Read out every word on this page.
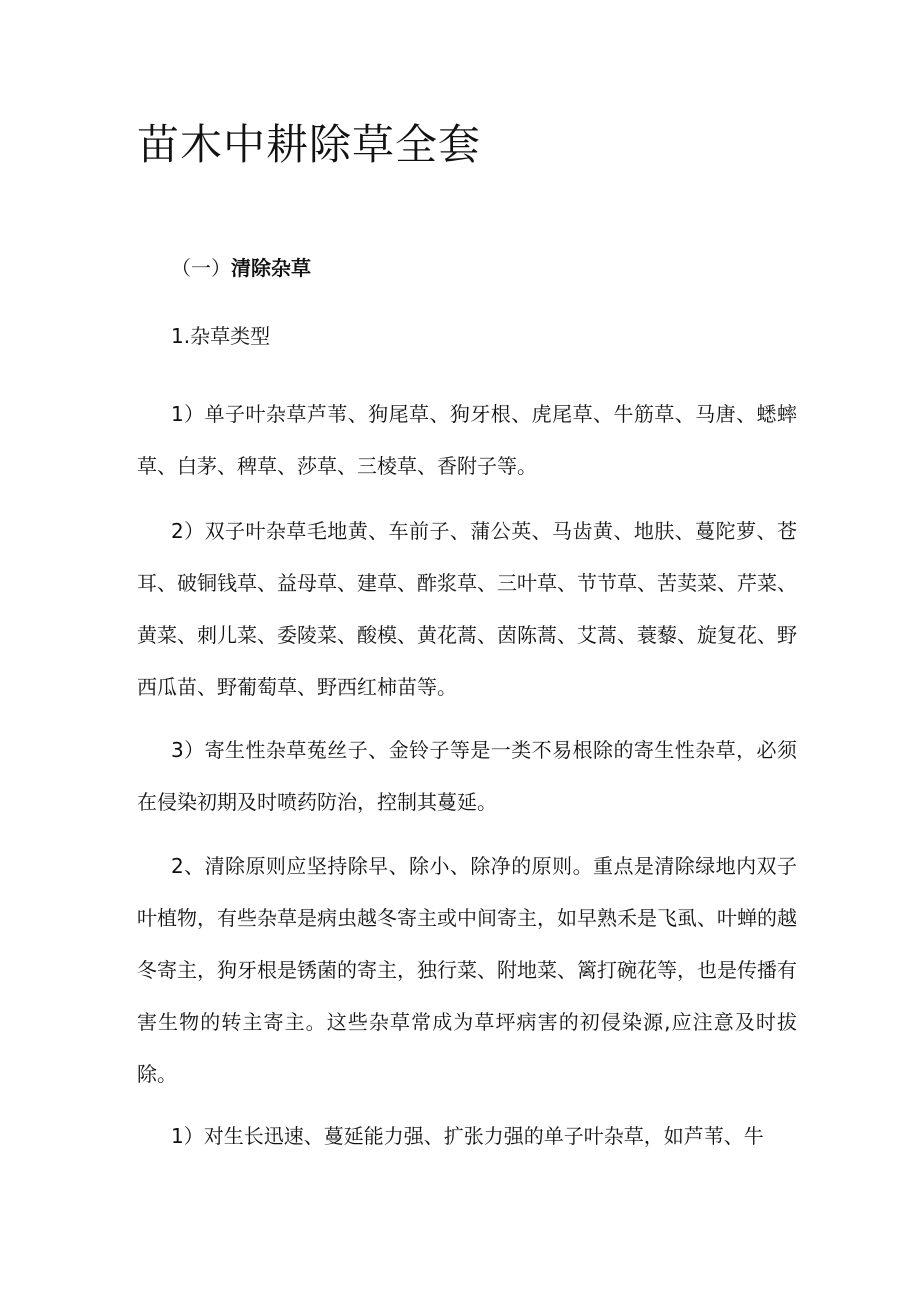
苗木中耕除草全套

（一）清除杂草

1.杂草类型

1）单子叶杂草芦苇、狗尾草、狗牙根、虎尾草、牛筋草、马唐、蟋蟀草、白茅、稗草、莎草、三棱草、香附子等。

2）双子叶杂草毛地黄、车前子、蒲公英、马齿黄、地肤、蔓陀萝、苍耳、破铜钱草、益母草、建草、酢浆草、三叶草、节节草、苦荬菜、芹菜、黄菜、刺儿菜、委陵菜、酸模、黄花蒿、茵陈蒿、艾蒿、蓑藜、旋复花、野西瓜苗、野葡萄草、野西红柿苗等。

3）寄生性杂草菟丝子、金铃子等是一类不易根除的寄生性杂草，必须在侵染初期及时喷药防治，控制其蔓延。

2、清除原则应坚持除早、除小、除净的原则。重点是清除绿地内双子叶植物，有些杂草是病虫越冬寄主或中间寄主，如早熟禾是飞虱、叶蝉的越冬寄主，狗牙根是锈菌的寄主，独行菜、附地菜、篱打碗花等，也是传播有害生物的转主寄主。这些杂草常成为草坪病害的初侵染源,应注意及时拔除。

1）对生长迅速、蔓延能力强、扩张力强的单子叶杂草，如芦苇、牛
